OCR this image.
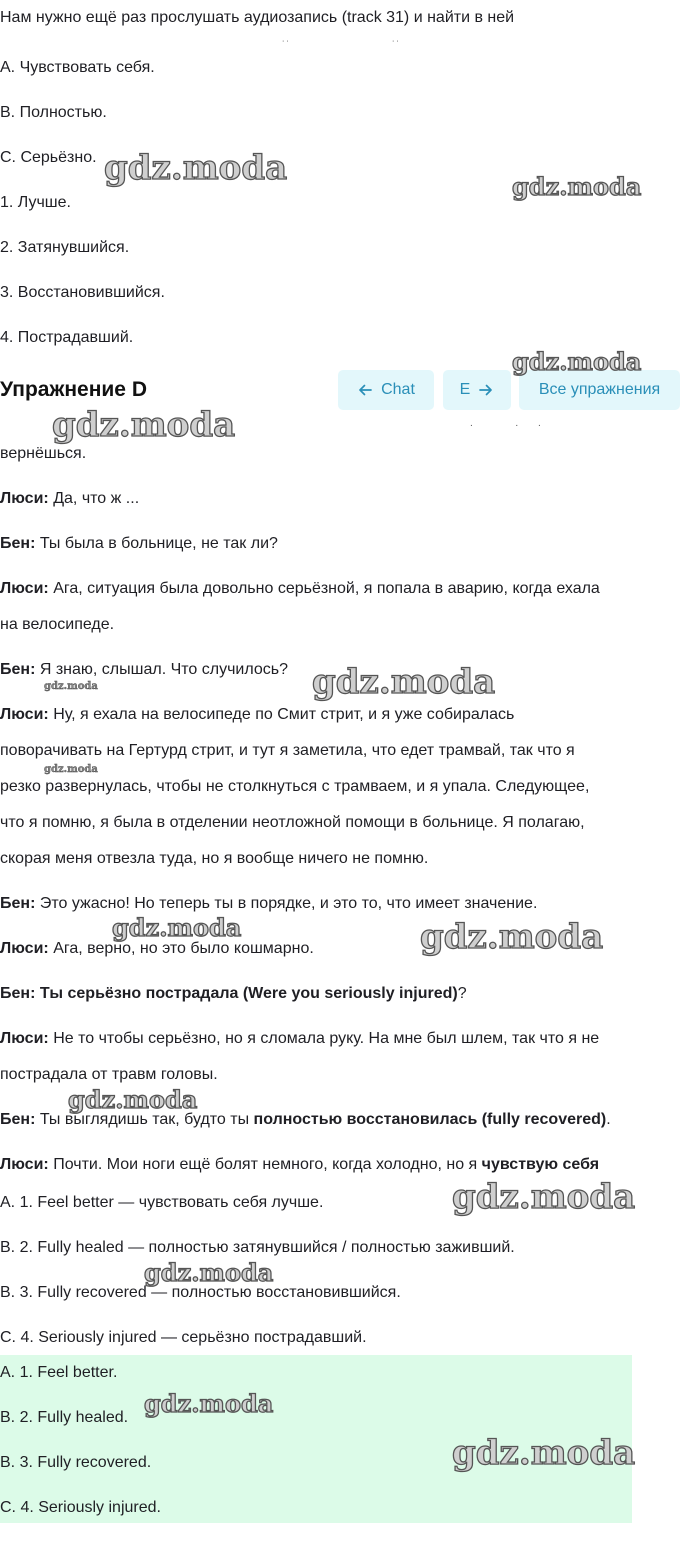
Нам нужно ещё раз прослушать аудиозапись (track 31) и найти в ней
˙˙	˙˙
A. Чувствовать себя.
B. Полностью.
C. Серьёзно.
1. Лучше.
2. Затянувшийся.
3. Восстановившийся.
4. Пострадавший.
Упражнение D	Chat	E	Все упражнения
.           .     .
вернёшься.
Люси: Да, что ж ...
Бен: Ты была в больнице, не так ли?
Люси: Ага, ситуация была довольно серьёзной, я попала в аварию, когда ехала
на велосипеде.
Бен: Я знаю, слышал. Что случилось?
Люси: Ну, я ехала на велосипеде по Смит стрит, и я уже собиралась
поворачивать на Гертурд стрит, и тут я заметила, что едет трамвай, так что я
резко развернулась, чтобы не столкнуться с трамваем, и я упала. Следующее,
что я помню, я была в отделении неотложной помощи в больнице. Я полагаю,
скорая меня отвезла туда, но я вообще ничего не помню.
Бен: Это ужасно! Но теперь ты в порядке, и это то, что имеет значение.
Люси: Ага, верно, но это было кошмарно.
Бен: Ты серьёзно пострадала (Were you seriously injured)?
Люси: Не то чтобы серьёзно, но я сломала руку. На мне был шлем, так что я не
пострадала от травм головы.
Бен: Ты выглядишь так, будто ты полностью восстановилась (fully recovered).
Люси: Почти. Мои ноги ещё болят немного, когда холодно, но я чувствую себя
A. 1. Feel better — чувствовать себя лучше.
B. 2. Fully healed — полностью затянувшийся / полностью заживший.
B. 3. Fully recovered — полностью восстановившийся.
C. 4. Seriously injured — серьёзно пострадавший.
A. 1. Feel better.
B. 2. Fully healed.
B. 3. Fully recovered.
C. 4. Seriously injured.
gdz.moda	gdz.moda
gdz.moda
gdz.moda
gdz.moda	gdz.moda
gdz.moda
gdz.moda	gdz.moda
gdz.moda
gdz.moda
gdz.moda
gdz.moda
gdz.moda
